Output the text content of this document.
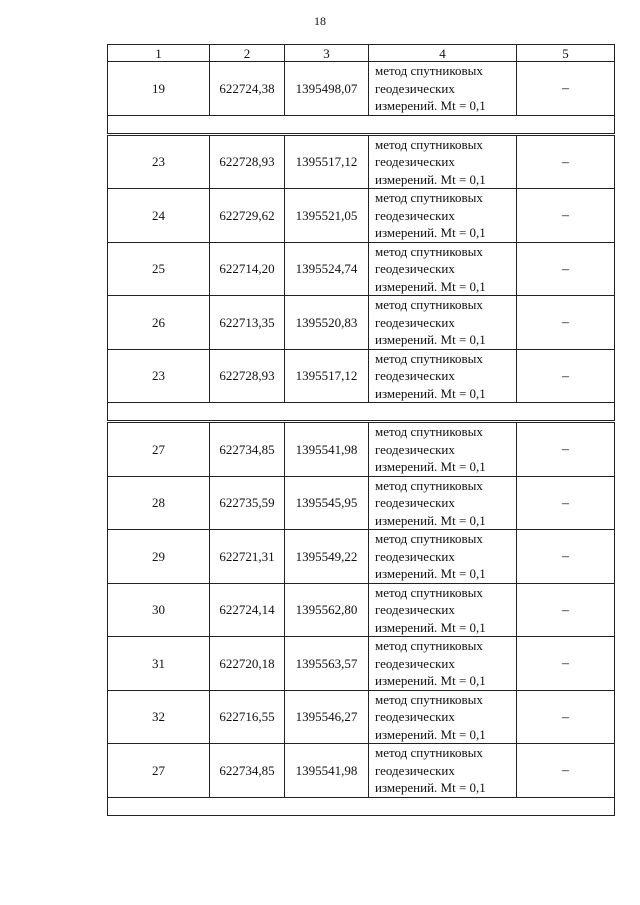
18
1	2	3	4	5
19	622724,38	1395498,07	метод спутниковых
геодезических
измерений. Mt = 0,1	–

23	622728,93	1395517,12	метод спутниковых
геодезических
измерений. Mt = 0,1	–
24	622729,62	1395521,05	метод спутниковых
геодезических
измерений. Mt = 0,1	–
25	622714,20	1395524,74	метод спутниковых
геодезических
измерений. Mt = 0,1	–
26	622713,35	1395520,83	метод спутниковых
геодезических
измерений. Mt = 0,1	–
23	622728,93	1395517,12	метод спутниковых
геодезических
измерений. Mt = 0,1	–

27	622734,85	1395541,98	метод спутниковых
геодезических
измерений. Mt = 0,1	–
28	622735,59	1395545,95	метод спутниковых
геодезических
измерений. Mt = 0,1	–
29	622721,31	1395549,22	метод спутниковых
геодезических
измерений. Mt = 0,1	–
30	622724,14	1395562,80	метод спутниковых
геодезических
измерений. Mt = 0,1	–
31	622720,18	1395563,57	метод спутниковых
геодезических
измерений. Mt = 0,1	–
32	622716,55	1395546,27	метод спутниковых
геодезических
измерений. Mt = 0,1	–
27	622734,85	1395541,98	метод спутниковых
геодезических
измерений. Mt = 0,1	–
